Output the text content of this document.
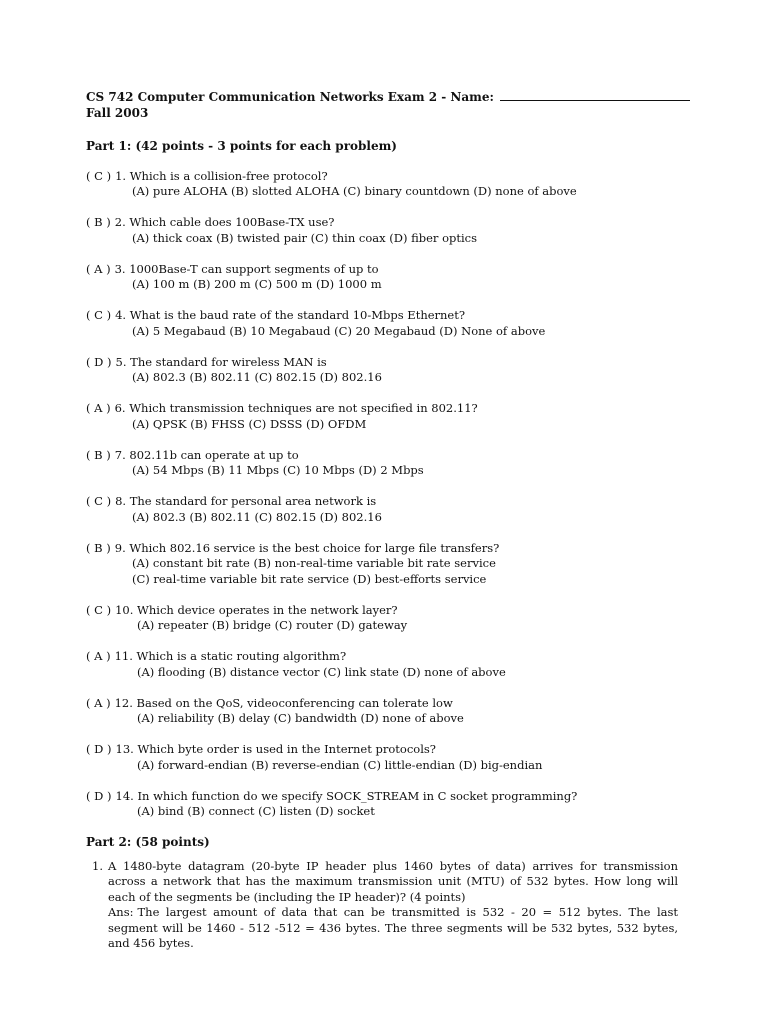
CS 742 Computer Communication Networks Exam 2 - Name:
Fall 2003
Part 1: (42 points - 3 points for each problem)
( C ) 1. Which is a collision-free protocol?
(A) pure ALOHA (B) slotted ALOHA (C) binary countdown (D) none of above
( B ) 2. Which cable does 100Base-TX use?
(A) thick coax (B) twisted pair (C) thin coax (D) fiber optics
( A ) 3. 1000Base-T can support segments of up to
(A) 100 m (B) 200 m (C) 500 m (D) 1000 m
( C ) 4. What is the baud rate of the standard 10-Mbps Ethernet?
(A) 5 Megabaud (B) 10 Megabaud (C) 20 Megabaud (D) None of above
( D ) 5. The standard for wireless MAN is
(A) 802.3 (B) 802.11 (C) 802.15 (D) 802.16
( A ) 6. Which transmission techniques are not specified in 802.11?
(A) QPSK (B) FHSS (C) DSSS (D) OFDM
( B ) 7. 802.11b can operate at up to
(A) 54 Mbps (B) 11 Mbps (C) 10 Mbps (D) 2 Mbps
( C ) 8. The standard for personal area network is
(A) 802.3 (B) 802.11 (C) 802.15 (D) 802.16
( B ) 9. Which 802.16 service is the best choice for large file transfers?
(A) constant bit rate (B) non-real-time variable bit rate service
(C) real-time variable bit rate service (D) best-efforts service
( C ) 10. Which device operates in the network layer?
(A) repeater (B) bridge (C) router (D) gateway
( A ) 11. Which is a static routing algorithm?
(A) flooding (B) distance vector (C) link state (D) none of above
( A ) 12. Based on the QoS, videoconferencing can tolerate low
(A) reliability (B) delay (C) bandwidth (D) none of above
( D ) 13. Which byte order is used in the Internet protocols?
(A) forward-endian (B) reverse-endian (C) little-endian (D) big-endian
( D ) 14. In which function do we specify SOCK_STREAM in C socket programming?
(A) bind (B) connect (C) listen (D) socket
Part 2: (58 points)
1. A 1480-byte datagram (20-byte IP header plus 1460 bytes of data) arrives for transmission across a network that has the maximum transmission unit (MTU) of 532 bytes. How long will each of the segments be (including the IP header)? (4 points)
Ans: The largest amount of data that can be transmitted is 532 - 20 = 512 bytes. The last segment will be 1460 - 512 -512 = 436 bytes. The three segments will be 532 bytes, 532 bytes, and 456 bytes.
